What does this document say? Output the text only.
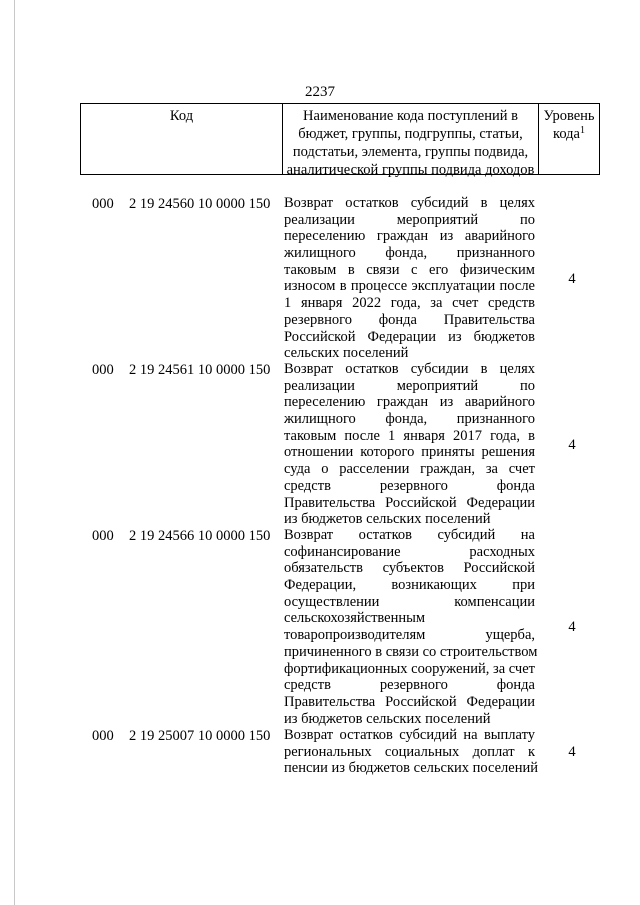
2237
Код	Наименование кода поступлений в
бюджет, группы, подгруппы, статьи,
подстатьи, элемента, группы подвида,
аналитической группы подвида доходов
Уровень
кода$^1$
000 2 19 24560 10 0000 150 Возврат остатков субсидий в целях
реализации мероприятий по
переселению граждан из аварийного
жилищного фонда, признанного
таковым в связи с его физическим
износом в процессе эксплуатации после
1 января 2022 года, за счет средств
резервного фонда Правительства
Российской Федерации из бюджетов
сельских поселений
4
000 2 19 24561 10 0000 150 Возврат остатков субсидии в целях
реализации мероприятий по
переселению граждан из аварийного
жилищного фонда, признанного
таковым после 1 января 2017 года, в
отношении которого приняты решения
суда о расселении граждан, за счет
средств резервного фонда
Правительства Российской Федерации
из бюджетов сельских поселений
4
000 2 19 24566 10 0000 150 Возврат остатков субсидий на
софинансирование расходных
обязательств субъектов Российской
Федерации, возникающих при
осуществлении компенсации
сельскохозяйственным
товаропроизводителям ущерба,
причиненного в связи со строительством
фортификационных сооружений, за счет
средств резервного фонда
Правительства Российской Федерации
из бюджетов сельских поселений
4
000 2 19 25007 10 0000 150 Возврат остатков субсидий на выплату
региональных социальных доплат к
пенсии из бюджетов сельских поселений
4
